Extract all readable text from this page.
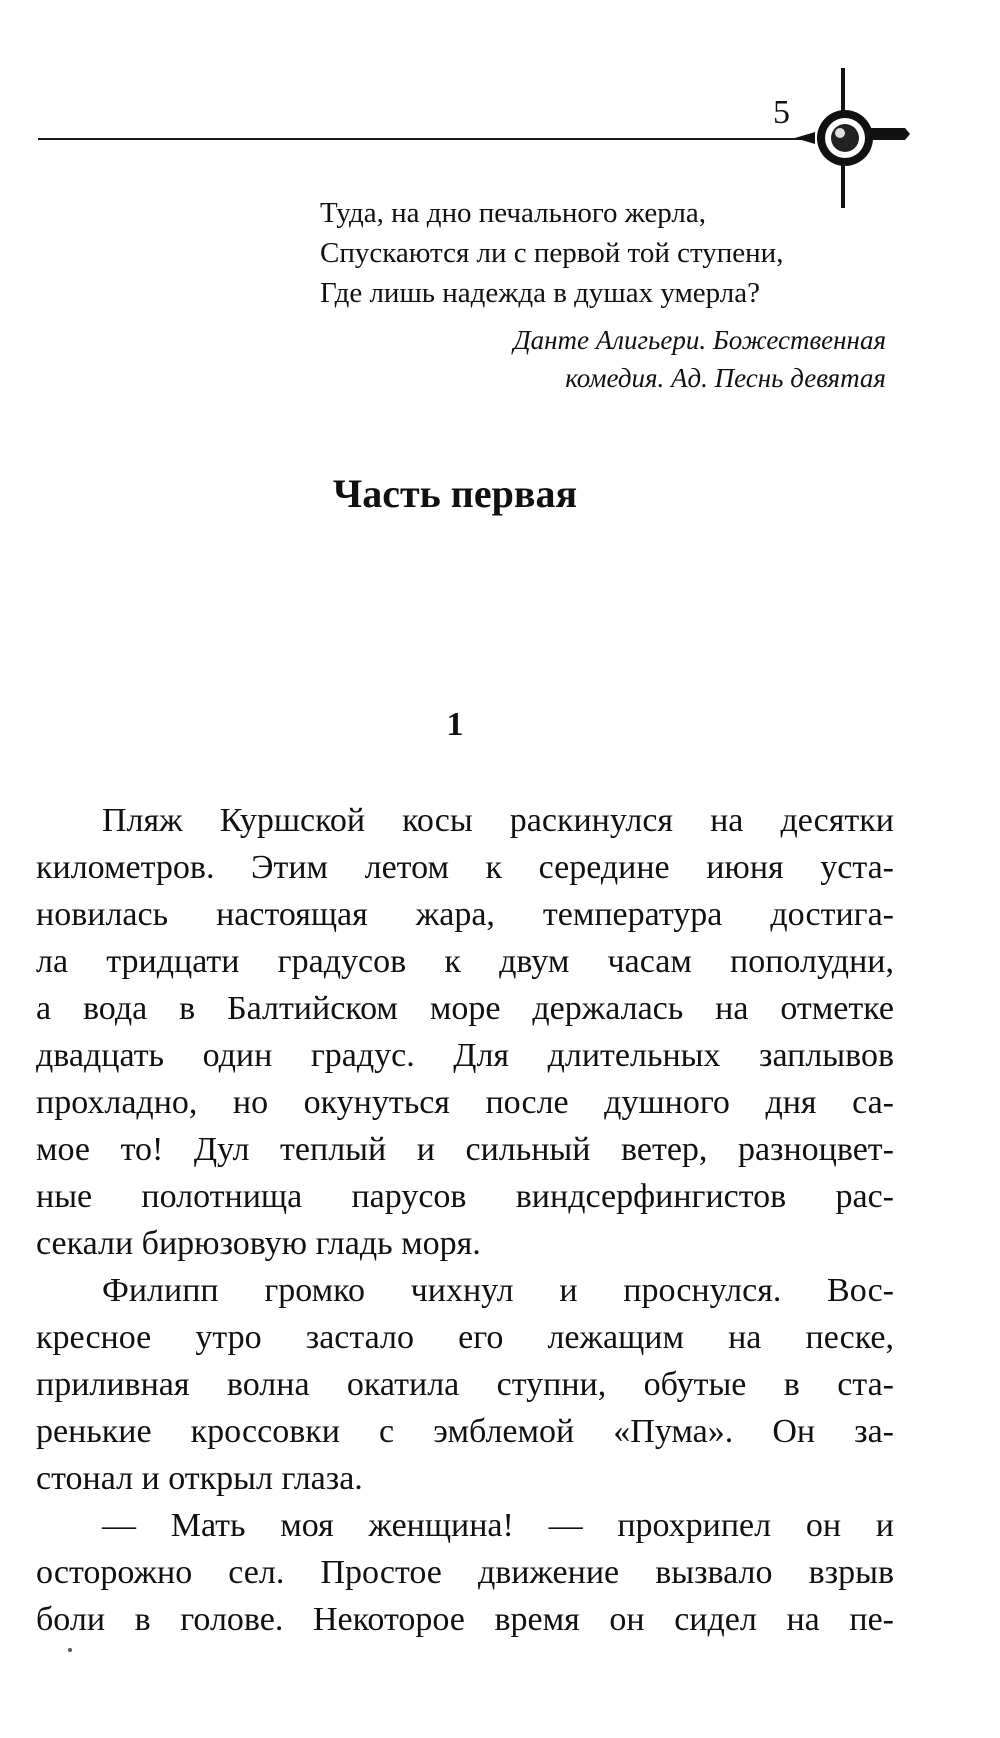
5
Туда, на дно печального жерла,
Спускаются ли с первой той ступени,
Где лишь надежда в душах умерла?
Данте Алигьери. Божественная
комедия. Ад. Песнь девятая
Часть первая
1
Пляж Куршской косы раскинулся на десятки
километров. Этим летом к середине июня уста-
новилась настоящая жара, температура достига-
ла тридцати градусов к двум часам пополудни,
а вода в Балтийском море держалась на отметке
двадцать один градус. Для длительных заплывов
прохладно, но окунуться после душного дня са-
мое то! Дул теплый и сильный ветер, разноцвет-
ные полотнища парусов виндсерфингистов рас-
секали бирюзовую гладь моря.
Филипп громко чихнул и проснулся. Вос-
кресное утро застало его лежащим на песке,
приливная волна окатила ступни, обутые в ста-
ренькие кроссовки с эмблемой «Пума». Он за-
стонал и открыл глаза.
— Мать моя женщина! — прохрипел он и
осторожно сел. Простое движение вызвало взрыв
боли в голове. Некоторое время он сидел на пе-
